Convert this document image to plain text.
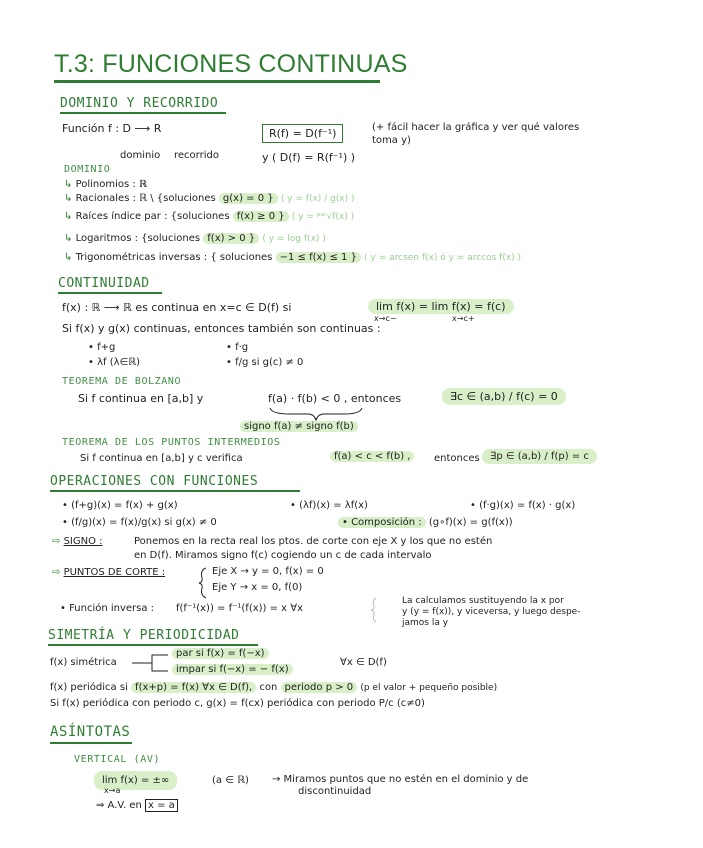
T.3: FUNCIONES CONTINUAS
DOMINIO Y RECORRIDO
Función f : D ⟶ R
dominio recorrido
R(f) = D(f⁻¹)	(+ fácil hacer la gráfica y ver qué valores toma y)
y ( D(f) = R(f⁻¹) )
DOMINIO
↳ Polinomios : ℝ
↳ Racionales : ℝ \ {soluciones g(x) = 0 } ( y = f(x) / g(x) )
↳ Raíces índice par : {soluciones f(x) ≥ 0 } ( y = ᵖᵃʳ√f(x) )
↳ Logaritmos : {soluciones f(x) > 0 } ( y = log f(x) )
↳ Trigonométricas inversas : { soluciones −1 ≤ f(x) ≤ 1 } ( y = arcsen f(x) ó y = arccos f(x) )
CONTINUIDAD
f(x) : ℝ ⟶ ℝ es continua en x=c ∈ D(f) si	lim f(x) = lim f(x) = f(c)
x→c−	x→c+
Si f(x) y g(x) continuas, entonces también son continuas :
• f+g
• λf (λ∈ℝ)
• f·g
• f/g si g(c) ≠ 0
TEOREMA DE BOLZANO
Si f continua en [a,b] y	f(a) · f(b) < 0 , entonces	∃c ∈ (a,b) / f(c) = 0
signo f(a) ≠ signo f(b)
TEOREMA DE LOS PUNTOS INTERMEDIOS
Si f continua en [a,b] y c verifica	f(a) < c < f(b) ,	entonces	∃p ∈ (a,b) / f(p) = c
OPERACIONES CON FUNCIONES
• (f+g)(x) = f(x) + g(x)	• (λf)(x) = λf(x)	• (f·g)(x) = f(x) · g(x)
• (f/g)(x) = f(x)/g(x) si g(x) ≠ 0	• Composición : (g∘f)(x) = g(f(x))
⇨ SIGNO :	Ponemos en la recta real los ptos. de corte con eje X y los que no estén
en D(f). Miramos signo f(c) cogiendo un c de cada intervalo
⇨ PUNTOS DE CORTE :	Eje X → y = 0, f(x) = 0
Eje Y → x = 0, f(0)
• Función inversa : f(f⁻¹(x)) = f⁻¹(f(x)) = x ∀x
La calculamos sustituyendo la x por
y (y = f(x)), y viceversa, y luego despe-
jamos la y
SIMETRÍA Y PERIODICIDAD
f(x) simétrica
par si f(x) = f(−x)
impar si f(−x) = − f(x)
∀x ∈ D(f)
f(x) periódica si f(x+p) = f(x) ∀x ∈ D(f), con periodo p > 0 (p el valor + pequeño posible)
Si f(x) periódica con periodo c, g(x) = f(cx) periódica con periodo P/c (c≠0)
ASÍNTOTAS
VERTICAL (AV)
lim f(x) = ±∞
x→a
(a ∈ ℝ) → Miramos puntos que no estén en el dominio y de
discontinuidad
⇒ A.V. en x = a
